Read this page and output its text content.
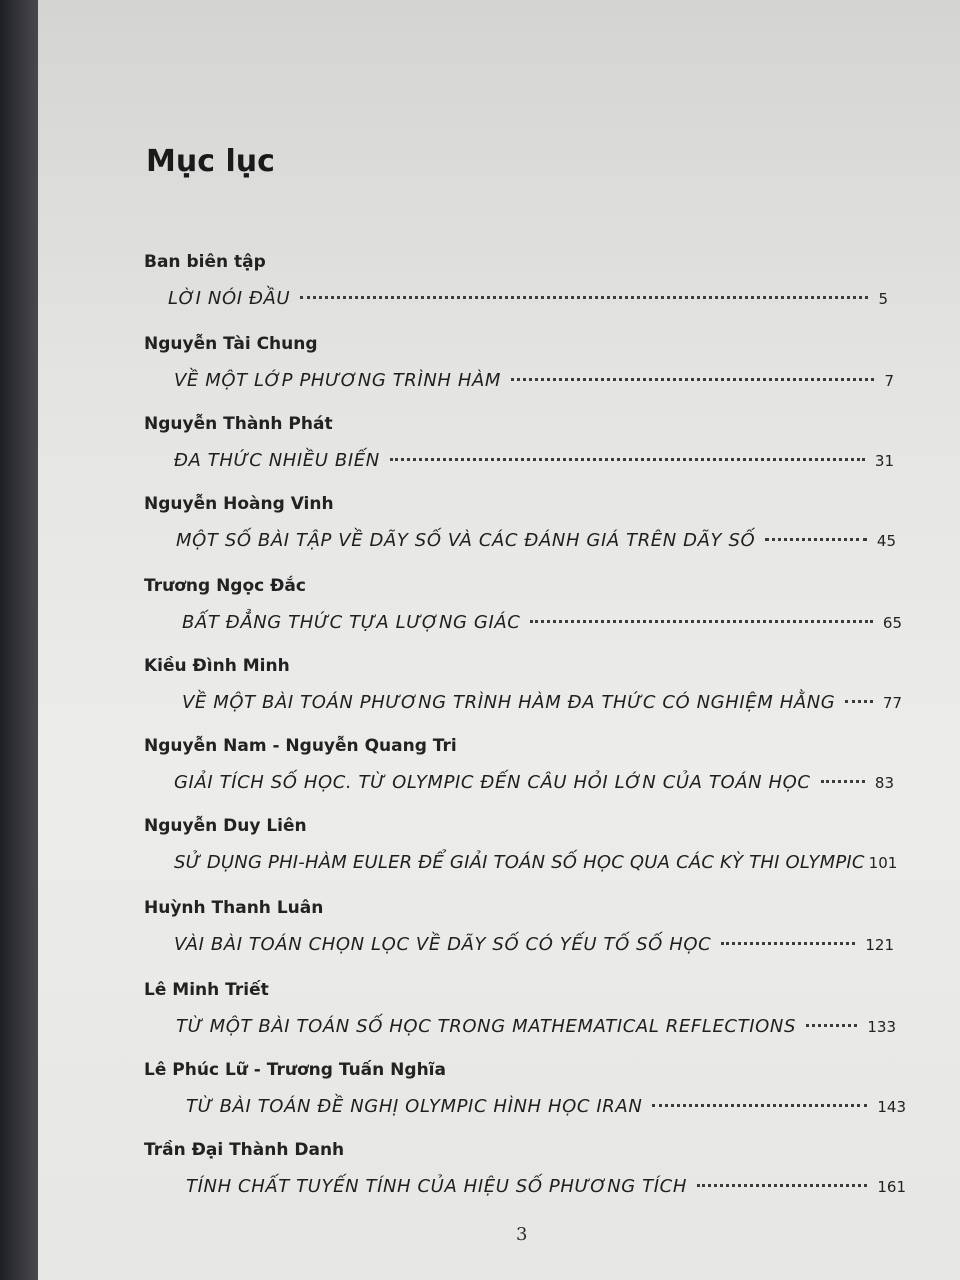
Mục lục
Ban biên tập
LỜI NÓI ĐẦU	5
Nguyễn Tài Chung
VỀ MỘT LỚP PHƯƠNG TRÌNH HÀM	7
Nguyễn Thành Phát
ĐA THỨC NHIỀU BIẾN	31
Nguyễn Hoàng Vinh
MỘT SỐ BÀI TẬP VỀ DÃY SỐ VÀ CÁC ĐÁNH GIÁ TRÊN DÃY SỐ	45
Trương Ngọc Đắc
BẤT ĐẲNG THỨC TỰA LƯỢNG GIÁC	65
Kiều Đình Minh
VỀ MỘT BÀI TOÁN PHƯƠNG TRÌNH HÀM ĐA THỨC CÓ NGHIỆM HẰNG	77
Nguyễn Nam - Nguyễn Quang Tri
GIẢI TÍCH SỐ HỌC. TỪ OLYMPIC ĐẾN CÂU HỎI LỚN CỦA TOÁN HỌC	83
Nguyễn Duy Liên
SỬ DỤNG PHI-HÀM EULER ĐỂ GIẢI TOÁN SỐ HỌC QUA CÁC KỲ THI OLYMPIC 101
Huỳnh Thanh Luân
VÀI BÀI TOÁN CHỌN LỌC VỀ DÃY SỐ CÓ YẾU TỐ SỐ HỌC	121
Lê Minh Triết
TỪ MỘT BÀI TOÁN SỐ HỌC TRONG MATHEMATICAL REFLECTIONS	133
Lê Phúc Lữ - Trương Tuấn Nghĩa
TỪ BÀI TOÁN ĐỀ NGHỊ OLYMPIC HÌNH HỌC IRAN	143
Trần Đại Thành Danh
TÍNH CHẤT TUYẾN TÍNH CỦA HIỆU SỐ PHƯƠNG TÍCH	161
3
